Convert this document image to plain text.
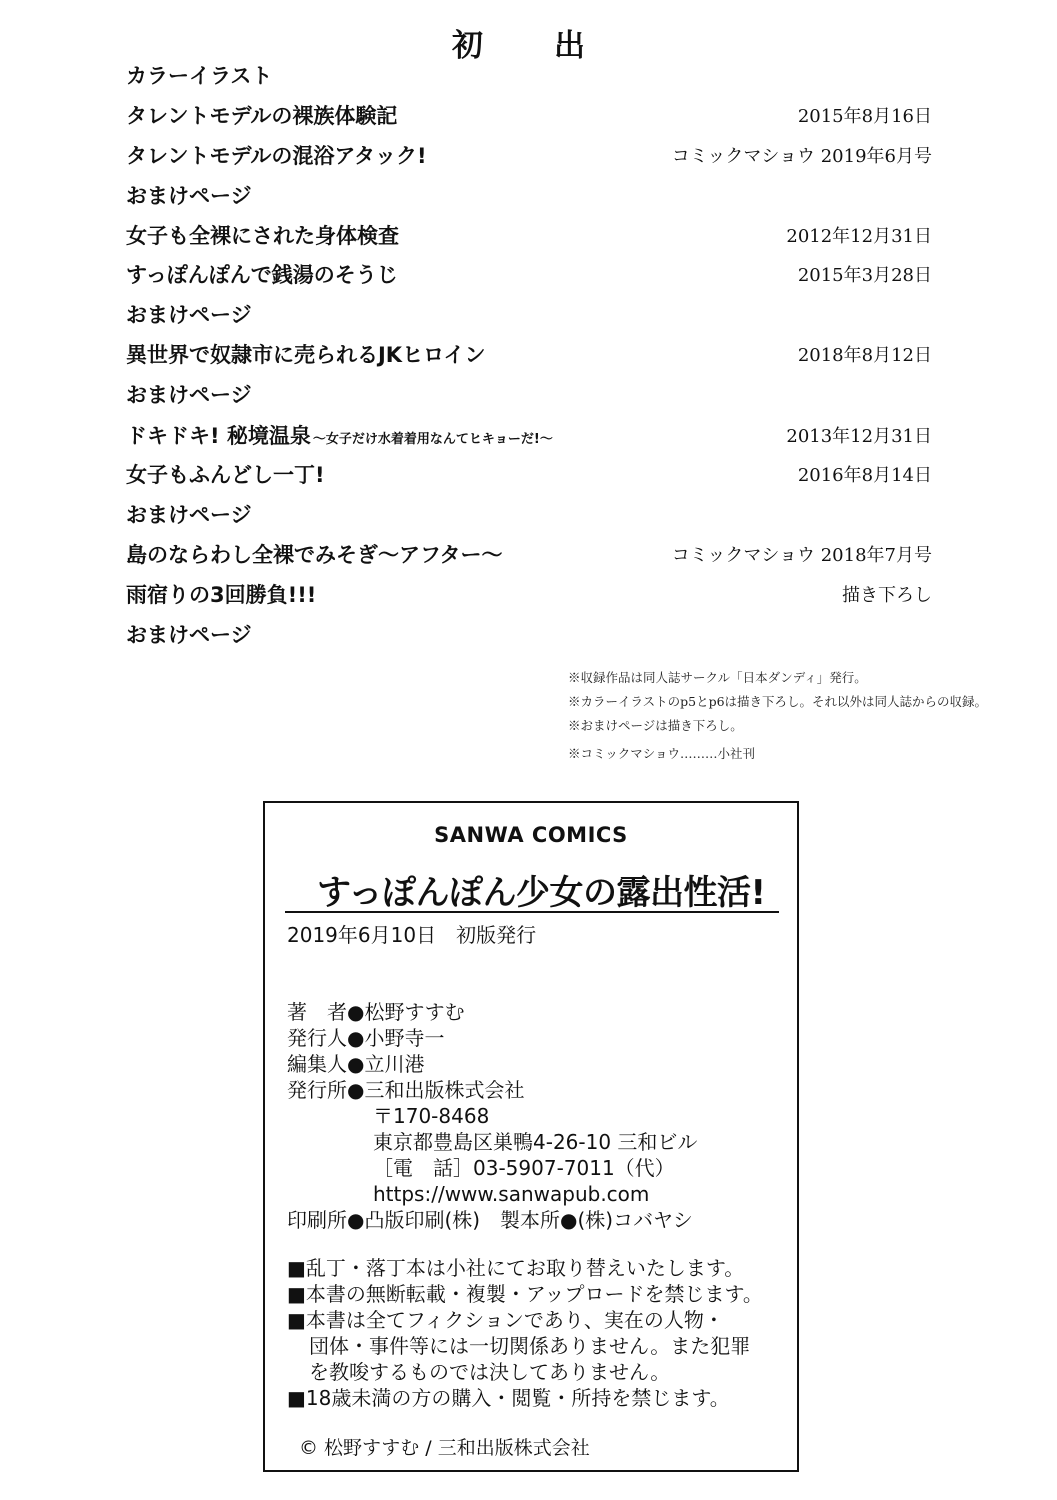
初　出
カラーイラスト
タレントモデルの裸族体験記	2015年8月16日
タレントモデルの混浴アタック!	コミックマショウ 2019年6月号
おまけページ
女子も全裸にされた身体検査	2012年12月31日
すっぽんぽんで銭湯のそうじ	2015年3月28日
おまけページ
異世界で奴隷市に売られるJKヒロイン	2018年8月12日
おまけページ
ドキドキ! 秘境温泉 ～女子だけ水着着用なんてヒキョーだ!～	2013年12月31日
女子もふんどし一丁!	2016年8月14日
おまけページ
島のならわし全裸でみそぎ～アフター～	コミックマショウ 2018年7月号
雨宿りの3回勝負!!!	描き下ろし
おまけページ
※収録作品は同人誌サークル「日本ダンディ」発行。
※カラーイラストのp5とp6は描き下ろし。それ以外は同人誌からの収録。
※おまけページは描き下ろし。
※コミックマショウ………小社刊
SANWA COMICS
すっぽんぽん少女の露出性活!
2019年6月10日　初版発行
著　者●松野すすむ
発行人●小野寺一
編集人●立川港
発行所●三和出版株式会社
〒170-8468
東京都豊島区巣鴨4-26-10 三和ビル
［電　話］03-5907-7011（代）
https://www.sanwapub.com
印刷所●凸版印刷(株)　製本所●(株)コバヤシ
■乱丁・落丁本は小社にてお取り替えいたします。
■本書の無断転載・複製・アップロードを禁じます。
■本書は全てフィクションであり、実在の人物・
団体・事件等には一切関係ありません。また犯罪
を教唆するものでは決してありません。
■18歳未満の方の購入・閲覧・所持を禁じます。
© 松野すすむ / 三和出版株式会社
